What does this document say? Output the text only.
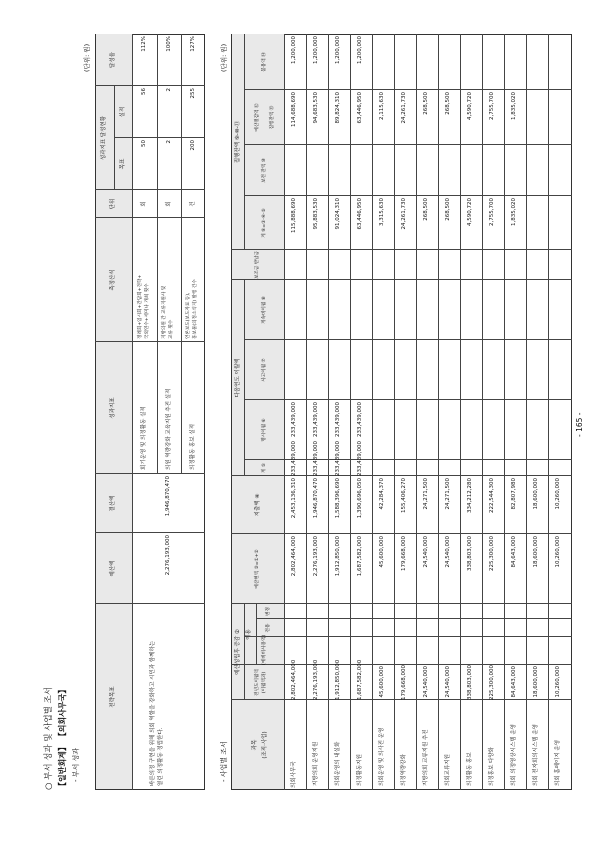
○ 부서 성과 및 사업별 조서 【일반회계】 【의회사무국】 - 부서 성과
(단위: 원)
전략목표
예산액
결산액
성과지표
측정산식
단위
성과지표 달성현황
목표
실적
달성율
바른의정 구현을 위해 의회 역할을 강화하고 시민과 함께하는 열린 의정활동 정립한다.
2,276,193,000
1,946,870,470
회기운영 및 의정활동 실적
정례회+임시회+간담회+견학+ 국외연수+세미나 개최 횟수
회
50
56
112%
의원 역량강화 교육지원 추진 실적
지방의원 간 교류지원사 및 교류 횟수
회
2
2
100%
의정활동 홍보 실적
언론보도(보도자료 등), 홍보물(의정소식지) 발행 건수
건
200
255
127%
- 사업별 조서
(단위: 원)
과목 (조직·사업)
예산성립후 증감 ②
전년도이월액 (이월액과)
이용
(예비비사용액)
전용
변경
예산현액 ③=①+②
지출액 ④
다음연도 이월액
계 ⑤
명시이월 ⑥
사고이월 ⑦
계속비이월 ⑧
보조금 반납금
집행잔액 ⑨-⑩-⑪
계 ⑨=③-④-⑤
보전 잔액 ⑩
예산절감액 ⑫ 집행잔액 ⑬
불용액 ⑭
의회사무국
2,802,464,000
2,802,464,000
2,453,136,310
233,439,000
233,439,000
115,888,690
114,688,690
1,200,000
지방의회 운영지원
2,276,193,000
2,276,193,000
1,946,870,470
233,439,000
233,439,000
95,883,530
94,683,530
1,200,000
의회운영의 내실화
1,912,850,000
1,912,850,000
1,588,396,690
233,439,000
233,439,000
91,024,310
89,824,310
1,200,000
의정활동지원
1,687,582,000
1,687,582,000
1,390,696,050
233,439,000
233,439,000
63,446,950
63,446,950
1,200,000
의회운영 및 의사진 운영
45,600,000
45,600,000
42,284,370
3,315,630
2,115,630
의정역량강화
179,668,000
179,668,000
155,406,270
24,261,730
24,261,730
지방의회 교류지원 추진
24,540,000
24,540,000
24,271,500
268,500
268,500
의회교류지원
24,540,000
24,540,000
24,271,500
268,500
268,500
의정활동 홍보
338,803,000
338,803,000
334,212,280
4,590,720
4,590,720
의정홍보 다양화
225,300,000
225,300,000
222,544,300
2,755,700
2,755,700
의회 의정영상시스템 운영
84,643,000
84,643,000
82,807,980
1,835,020
1,835,020
의회 전자회의시스템 운영
18,600,000
18,600,000
18,600,000
의회 홈페이지 운영
10,260,000
10,260,000
10,260,000
- 165 -
